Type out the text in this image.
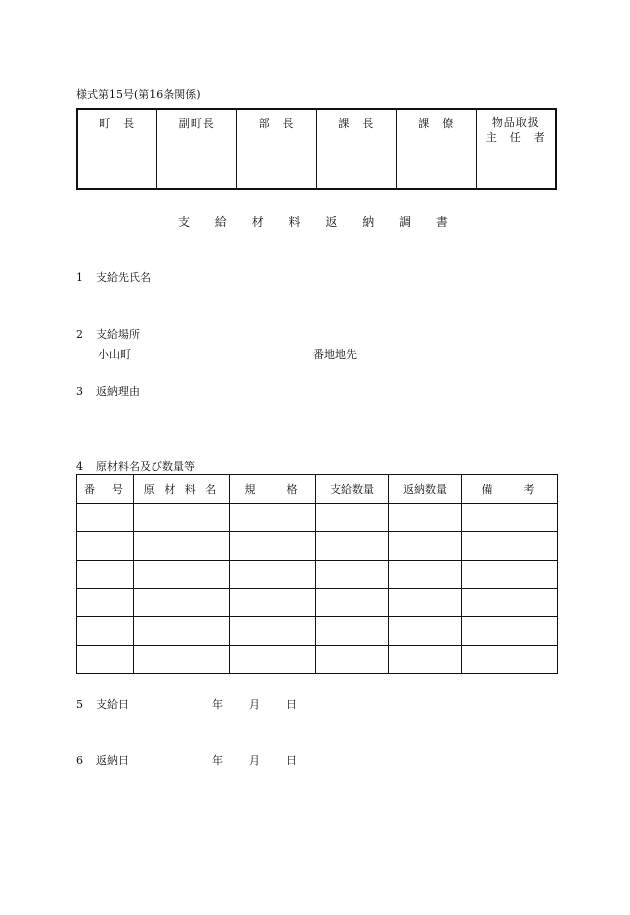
様式第15号(第16条関係)
町　長	副町長	部　長	課　長	課　僚	物品取扱
主　任　者
支 給 材 料 返 納 調 書
1 支給先氏名
2 支給場所
小山町	番地地先
3 返納理由
4 原材料名及び数量等
番　号	原 材 料 名	規　　格	支給数量	返納数量	備　　考

5 支給日	年 月 日
6 返納日	年 月 日
